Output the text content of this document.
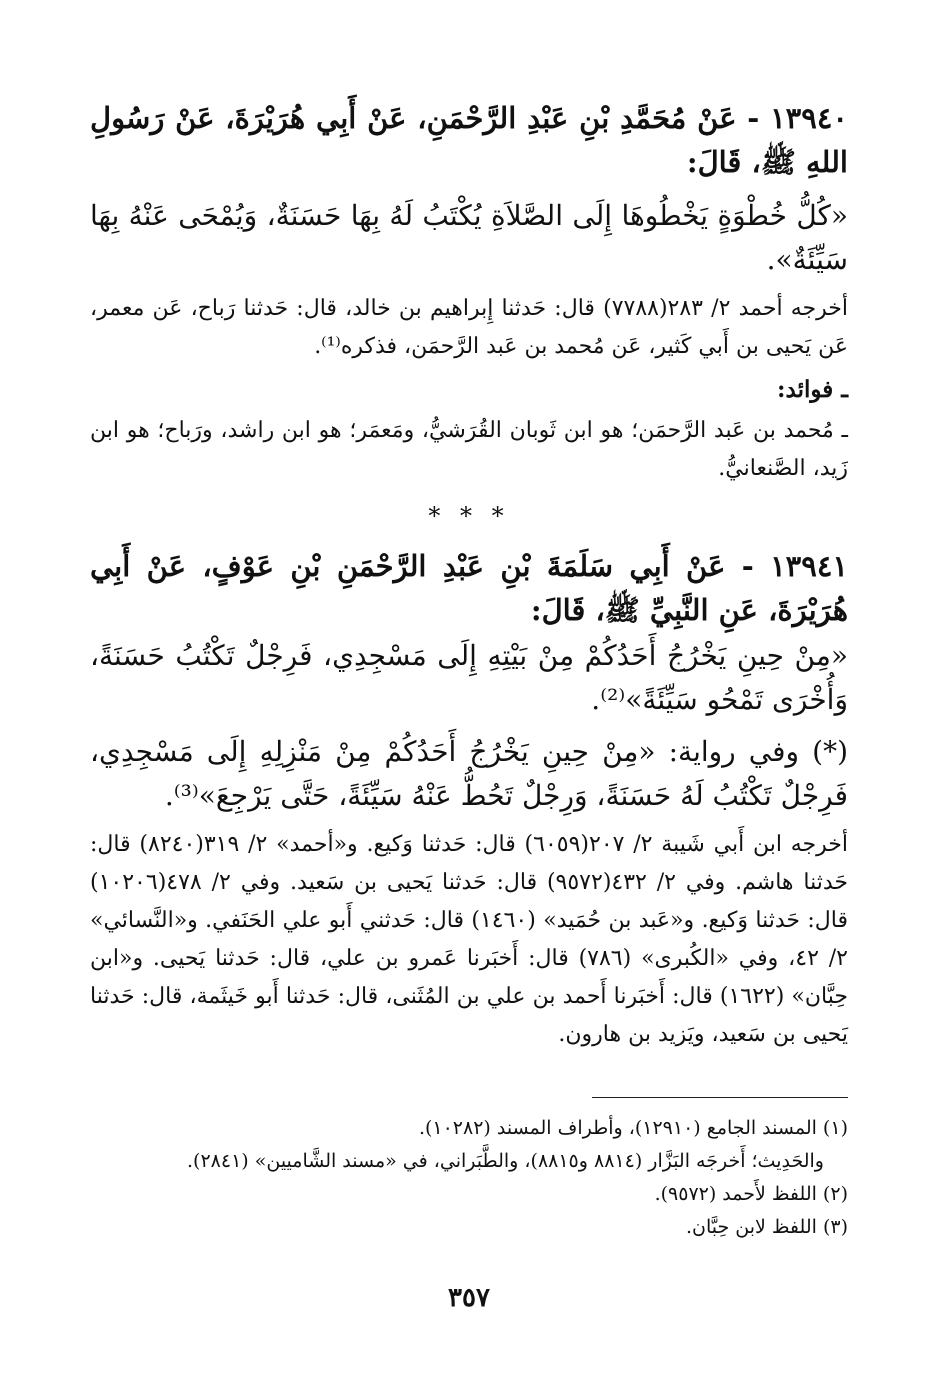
١٣٩٤٠ - عَنْ مُحَمَّدِ بْنِ عَبْدِ الرَّحْمَنِ، عَنْ أَبِي هُرَيْرَةَ، عَنْ رَسُولِ اللهِ ﷺ، قَالَ:

«كُلُّ خُطْوَةٍ يَخْطُوهَا إِلَى الصَّلاَةِ يُكْتَبُ لَهُ بِهَا حَسَنَةٌ، وَيُمْحَى عَنْهُ بِهَا سَيِّئَةٌ».

أخرجه أحمد ٢/ ٢٨٣(٧٧٨٨) قال: حَدثنا إِبراهيم بن خالد، قال: حَدثنا رَباح، عَن معمر، عَن يَحيى بن أَبي كَثير، عَن مُحمد بن عَبد الرَّحمَن، فذكره⁽¹⁾.

ـ فوائد:

ـ مُحمد بن عَبد الرَّحمَن؛ هو ابن ثَوبان القُرَشيُّ، ومَعمَر؛ هو ابن راشد، ورَباح؛ هو ابن زَيد، الصَّنعانيُّ.

* * *

١٣٩٤١ - عَنْ أَبِي سَلَمَةَ بْنِ عَبْدِ الرَّحْمَنِ بْنِ عَوْفٍ، عَنْ أَبِي هُرَيْرَةَ، عَنِ النَّبِيِّ ﷺ، قَالَ:

«مِنْ حِينِ يَخْرُجُ أَحَدُكُمْ مِنْ بَيْتِهِ إِلَى مَسْجِدِي، فَرِجْلٌ تَكْتُبُ حَسَنَةً، وَأُخْرَى تَمْحُو سَيِّئَةً»⁽²⁾.

(*) وفي رواية: «مِنْ حِينِ يَخْرُجُ أَحَدُكُمْ مِنْ مَنْزِلِهِ إِلَى مَسْجِدِي، فَرِجْلٌ تَكْتُبُ لَهُ حَسَنَةً، وَرِجْلٌ تَحُطُّ عَنْهُ سَيِّئَةً، حَتَّى يَرْجِعَ»⁽³⁾.

أخرجه ابن أَبي شَيبة ٢/ ٢٠٧(٦٠٥٩) قال: حَدثنا وَكيع. و«أحمد» ٢/ ٣١٩(٨٢٤٠) قال: حَدثنا هاشم. وفي ٢/ ٤٣٢(٩٥٧٢) قال: حَدثنا يَحيى بن سَعيد. وفي ٢/ ٤٧٨(١٠٢٠٦) قال: حَدثنا وَكيع. و«عَبد بن حُمَيد» (١٤٦٠) قال: حَدثني أَبو علي الحَنَفي. و«النَّسائي» ٢/ ٤٢، وفي «الكُبرى» (٧٨٦) قال: أَخبَرنا عَمرو بن علي، قال: حَدثنا يَحيى. و«ابن حِبَّان» (١٦٢٢) قال: أَخبَرنا أَحمد بن علي بن المُثَنى، قال: حَدثنا أَبو خَيثَمة، قال: حَدثنا يَحيى بن سَعيد، ويَزيد بن هارون.

(١) المسند الجامع (١٢٩١٠)، وأطراف المسند (١٠٢٨٢).

والحَدِيث؛ أَخرجَه البَزَّار (٨٨١٤ و٨٨١٥)، والطَّبَراني، في «مسند الشَّاميين» (٢٨٤١).

(٢) اللفظ لأَحمد (٩٥٧٢).

(٣) اللفظ لابن حِبَّان.

٣٥٧
